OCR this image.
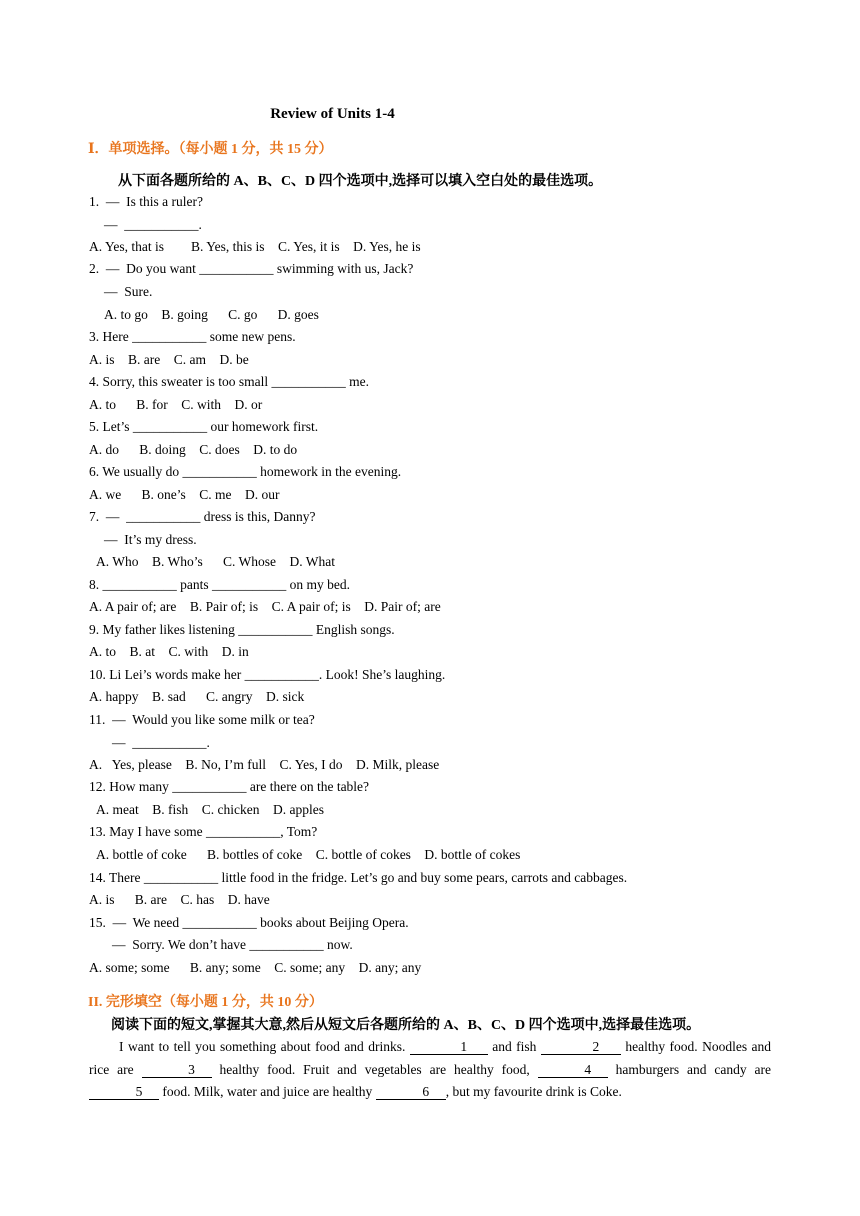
Review of Units 1-4
Ⅰ．单项选择。（每小题 1 分，共 15 分）
从下面各题所给的 A、B、C、D 四个选项中,选择可以填入空白处的最佳选项。
1.  —  Is this a ruler?
—  ___________.
A. Yes, that is        B. Yes, this is    C. Yes, it is    D. Yes, he is
2.  —  Do you want ___________ swimming with us, Jack?
—  Sure.
A. to go    B. going      C. go      D. goes
3. Here ___________ some new pens.
A. is    B. are    C. am    D. be
4. Sorry, this sweater is too small ___________ me.
A. to      B. for    C. with    D. or
5. Let’s ___________ our homework first.
A. do      B. doing    C. does    D. to do
6. We usually do ___________ homework in the evening.
A. we      B. one’s    C. me    D. our
7.  —  ___________ dress is this, Danny?
—  It’s my dress.
A. Who    B. Who’s      C. Whose    D. What
8. ___________ pants ___________ on my bed.
A. A pair of; are    B. Pair of; is    C. A pair of; is    D. Pair of; are
9. My father likes listening ___________ English songs.
A. to    B. at    C. with    D. in
10. Li Lei’s words make her ___________. Look! She’s laughing.
A. happy    B. sad      C. angry    D. sick
11.  —  Would you like some milk or tea?
—  ___________.
A.   Yes, please    B. No, I’m full    C. Yes, I do    D. Milk, please
12. How many ___________ are there on the table?
A. meat    B. fish    C. chicken    D. apples
13. May I have some ___________, Tom?
A. bottle of coke      B. bottles of coke    C. bottle of cokes    D. bottle of cokes
14. There ___________ little food in the fridge. Let’s go and buy some pears, carrots and cabbages.
A. is      B. are    C. has    D. have
15.  —  We need ___________ books about Beijing Opera.
—  Sorry. We don’t have ___________ now.
A. some; some      B. any; some    C. some; any    D. any; any
II. 完形填空（每小题 1 分，共 10 分）
阅读下面的短文,掌握其大意,然后从短文后各题所给的 A、B、C、D 四个选项中,选择最佳选项。
I want to tell you something about food and drinks.	1 and fish	2 healthy food. Noodles and rice are	3 healthy food. Fruit and vegetables are healthy food,	4 hamburgers and candy are 5 food. Milk, water and juice are healthy	6 , but my favourite drink is Coke.
